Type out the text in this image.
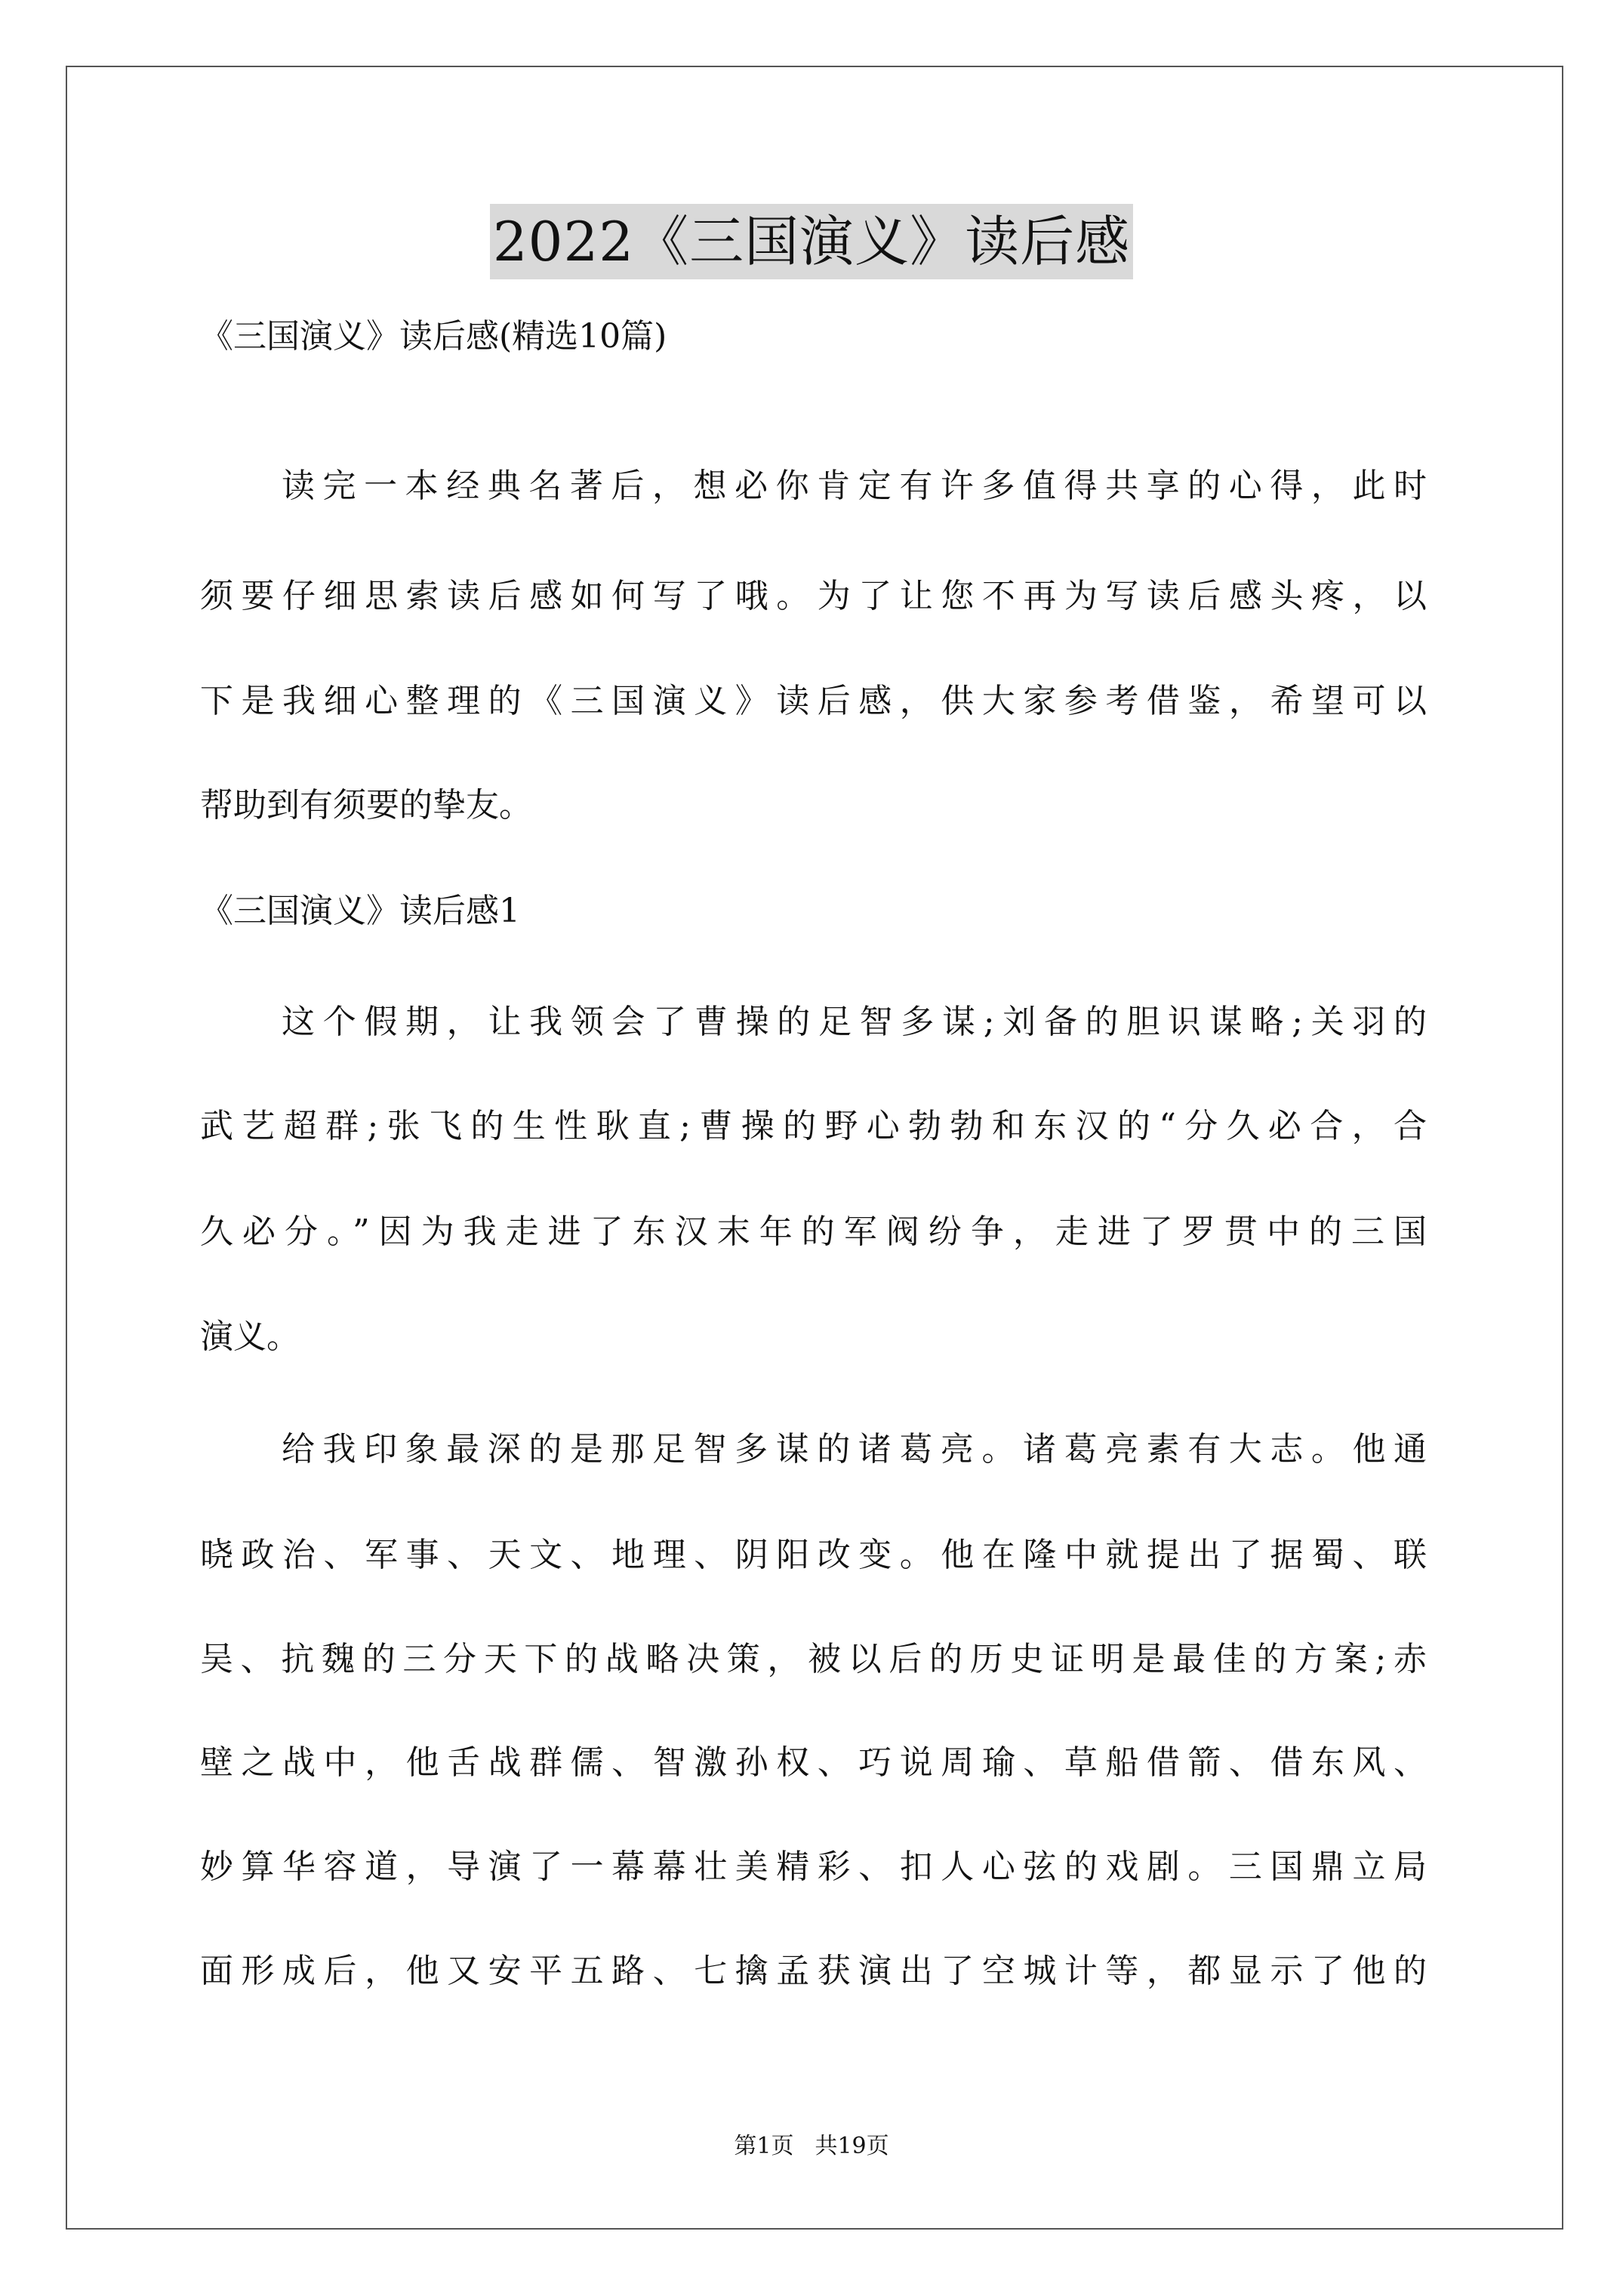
2022《三国演义》读后感
《三国演义》读后感(精选10篇)
读完一本经典名著后，想必你肯定有许多值得共享的心得，此时
须要仔细思索读后感如何写了哦。为了让您不再为写读后感头疼，以
下是我细心整理的《三国演义》读后感，供大家参考借鉴，希望可以
帮助到有须要的挚友。
《三国演义》读后感1
这个假期，让我领会了曹操的足智多谋;刘备的胆识谋略;关羽的
武艺超群;张飞的生性耿直;曹操的野心勃勃和东汉的“分久必合，合
久必分。”因为我走进了东汉末年的军阀纷争，走进了罗贯中的三国
演义。
给我印象最深的是那足智多谋的诸葛亮。诸葛亮素有大志。他通
晓政治、军事、天文、地理、阴阳改变。他在隆中就提出了据蜀、联
吴、抗魏的三分天下的战略决策，被以后的历史证明是最佳的方案;赤
壁之战中，他舌战群儒、智激孙权、巧说周瑜、草船借箭、借东风、
妙算华容道，导演了一幕幕壮美精彩、扣人心弦的戏剧。三国鼎立局
面形成后，他又安平五路、七擒孟获演出了空城计等，都显示了他的
第1页 共19页
